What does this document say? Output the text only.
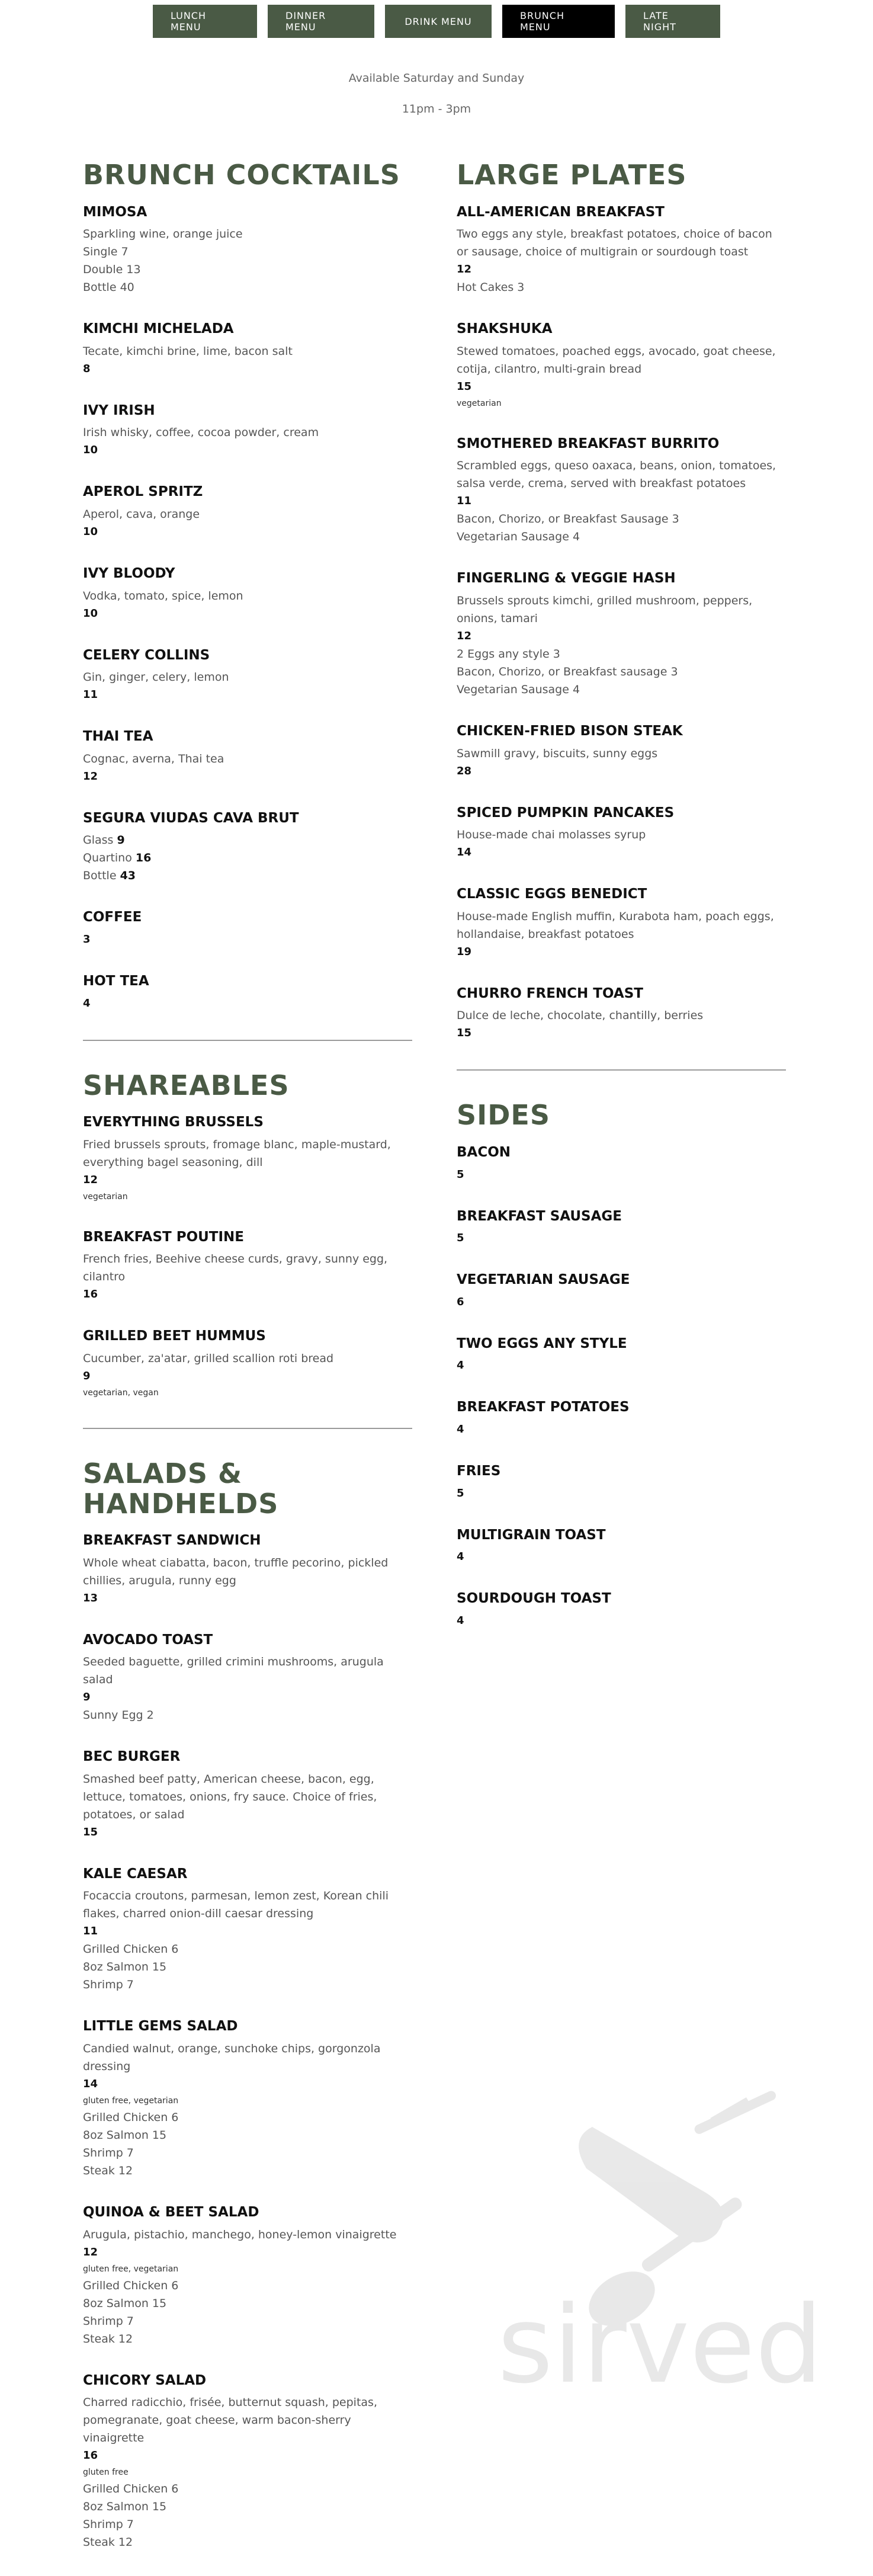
LUNCH MENU
DINNER MENU	DRINK MENU	BRUNCH MENU
LATE NIGHT
Available Saturday and Sunday
11pm - 3pm
BRUNCH COCKTAILS
MIMOSA
Sparkling wine, orange juice
Single 7
Double 13
Bottle 40
KIMCHI MICHELADA
Tecate, kimchi brine, lime, bacon salt
8
IVY IRISH
Irish whisky, coffee, cocoa powder, cream
10
APEROL SPRITZ
Aperol, cava, orange
10
IVY BLOODY
Vodka, tomato, spice, lemon
10
CELERY COLLINS
Gin, ginger, celery, lemon
11
THAI TEA
Cognac, averna, Thai tea
12
SEGURA VIUDAS CAVA BRUT
Glass 9
Quartino 16
Bottle 43
COFFEE
3
HOT TEA
4
SHAREABLES
EVERYTHING BRUSSELS
Fried brussels sprouts, fromage blanc, maple-mustard, everything bagel seasoning, dill
12
vegetarian
BREAKFAST POUTINE
French fries, Beehive cheese curds, gravy, sunny egg, cilantro
16
GRILLED BEET HUMMUS
Cucumber, za'atar, grilled scallion roti bread
9
vegetarian, vegan
SALADS & HANDHELDS
BREAKFAST SANDWICH
Whole wheat ciabatta, bacon, truffle pecorino, pickled chillies, arugula, runny egg
13
AVOCADO TOAST
Seeded baguette, grilled crimini mushrooms, arugula salad
9
Sunny Egg 2
BEC BURGER
Smashed beef patty, American cheese, bacon, egg, lettuce, tomatoes, onions, fry sauce. Choice of fries, potatoes, or salad
15
KALE CAESAR
Focaccia croutons, parmesan, lemon zest, Korean chili flakes, charred onion-dill caesar dressing
11
Grilled Chicken 6
8oz Salmon 15
Shrimp 7
LITTLE GEMS SALAD
Candied walnut, orange, sunchoke chips, gorgonzola dressing
14
gluten free, vegetarian
Grilled Chicken 6
8oz Salmon 15
Shrimp 7
Steak 12
QUINOA & BEET SALAD
Arugula, pistachio, manchego, honey-lemon vinaigrette
12
gluten free, vegetarian
Grilled Chicken 6
8oz Salmon 15
Shrimp 7
Steak 12
CHICORY SALAD
Charred radicchio, frisée, butternut squash, pepitas, pomegranate, goat cheese, warm bacon-sherry vinaigrette
16
gluten free
Grilled Chicken 6
8oz Salmon 15
Shrimp 7
Steak 12
LARGE PLATES
ALL-AMERICAN BREAKFAST
Two eggs any style, breakfast potatoes, choice of bacon or sausage, choice of multigrain or sourdough toast
12
Hot Cakes 3
SHAKSHUKA
Stewed tomatoes, poached eggs, avocado, goat cheese, cotija, cilantro, multi-grain bread
15
vegetarian
SMOTHERED BREAKFAST BURRITO
Scrambled eggs, queso oaxaca, beans, onion, tomatoes, salsa verde, crema, served with breakfast potatoes
11
Bacon, Chorizo, or Breakfast Sausage 3
Vegetarian Sausage 4
FINGERLING & VEGGIE HASH
Brussels sprouts kimchi, grilled mushroom, peppers, onions, tamari
12
2 Eggs any style 3
Bacon, Chorizo, or Breakfast sausage 3
Vegetarian Sausage 4
CHICKEN-FRIED BISON STEAK
Sawmill gravy, biscuits, sunny eggs
28
SPICED PUMPKIN PANCAKES
House-made chai molasses syrup
14
CLASSIC EGGS BENEDICT
House-made English muffin, Kurabota ham, poach eggs, hollandaise, breakfast potatoes
19
CHURRO FRENCH TOAST
Dulce de leche, chocolate, chantilly, berries
15
SIDES
BACON
5
BREAKFAST SAUSAGE
5
VEGETARIAN SAUSAGE
6
TWO EGGS ANY STYLE
4
BREAKFAST POTATOES
4
FRIES
5
MULTIGRAIN TOAST
4
SOURDOUGH TOAST
4
sirved
